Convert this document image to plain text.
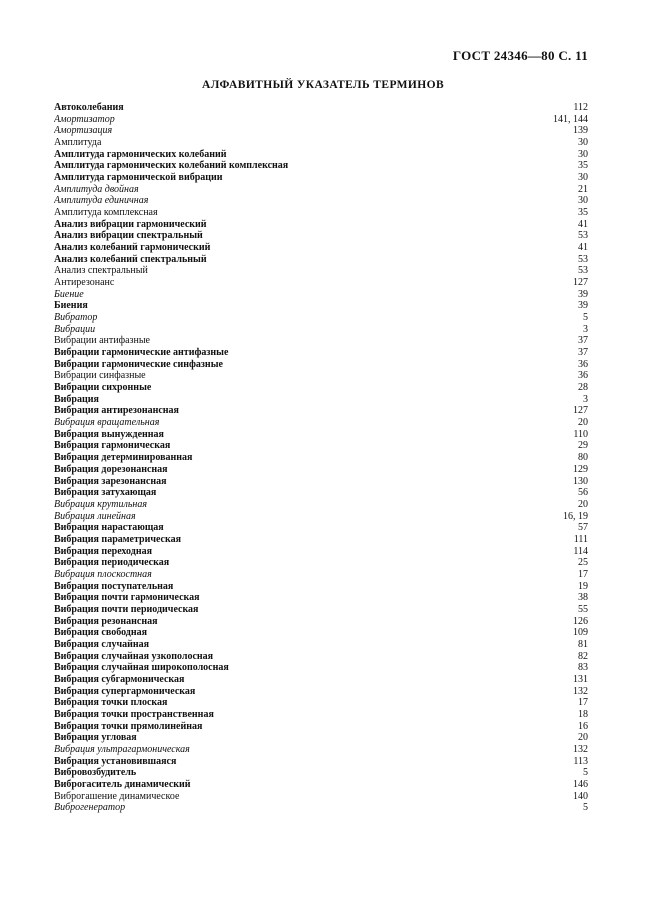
ГОСТ 24346—80 С. 11
АЛФАВИТНЫЙ УКАЗАТЕЛЬ ТЕРМИНОВ
Автоколебания	112
Амортизатор	141, 144
Амортизация	139
Амплитуда	30
Амплитуда гармонических колебаний	30
Амплитуда гармонических колебаний комплексная	35
Амплитуда гармонической вибрации	30
Амплитуда двойная	21
Амплитуда единичная	30
Амплитуда комплексная	35
Анализ вибрации гармонический	41
Анализ вибрации спектральный	53
Анализ колебаний гармонический	41
Анализ колебаний спектральный	53
Анализ спектральный	53
Антирезонанс	127
Биение	39
Биения	39
Вибратор	5
Вибрации	3
Вибрации антифазные	37
Вибрации гармонические антифазные	37
Вибрации гармонические синфазные	36
Вибрации синфазные	36
Вибрации сихронные	28
Вибрация	3
Вибрация антирезонансная	127
Вибрация вращательная	20
Вибрация вынужденная	110
Вибрация гармоническая	29
Вибрация детерминированная	80
Вибрация дорезонансная	129
Вибрация зарезонансная	130
Вибрация затухающая	56
Вибрация крутильная	20
Вибрация линейная	16, 19
Вибрация нарастающая	57
Вибрация параметрическая	111
Вибрация переходная	114
Вибрация периодическая	25
Вибрация плоскостная	17
Вибрация поступательная	19
Вибрация почти гармоническая	38
Вибрация почти периодическая	55
Вибрация резонансная	126
Вибрация свободная	109
Вибрация случайная	81
Вибрация случайная узкополосная	82
Вибрация случайная широкополосная	83
Вибрация субгармоническая	131
Вибрация супергармоническая	132
Вибрация точки плоская	17
Вибрация точки пространственная	18
Вибрация точки прямолинейная	16
Вибрация угловая	20
Вибрация ультрагармоническая	132
Вибрация установившаяся	113
Вибровозбудитель	5
Виброгаситель динамический	146
Виброгашение динамическое	140
Виброгенератор	5
